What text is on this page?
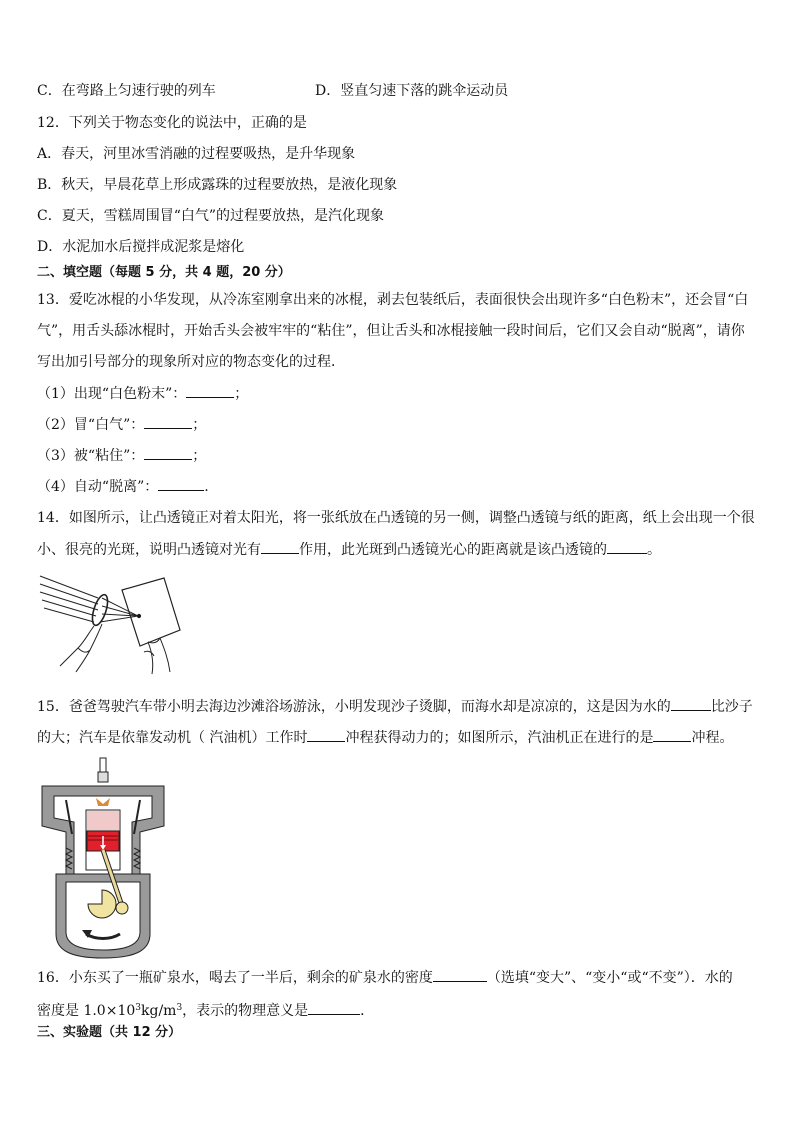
C．在弯路上匀速行驶的列车	D．竖直匀速下落的跳伞运动员
12．下列关于物态变化的说法中，正确的是
A．春天，河里冰雪消融的过程要吸热，是升华现象
B．秋天，早晨花草上形成露珠的过程要放热，是液化现象
C．夏天，雪糕周围冒“白气”的过程要放热，是汽化现象
D．水泥加水后搅拌成泥浆是熔化
二、填空题（每题 5 分，共 4 题，20 分）
13．爱吃冰棍的小华发现，从冷冻室刚拿出来的冰棍，剥去包装纸后，表面很快会出现许多“白色粉末”，还会冒“白
气”，用舌头舔冰棍时，开始舌头会被牢牢的“粘住”，但让舌头和冰棍接触一段时间后，它们又会自动“脱离”，请你
写出加引号部分的现象所对应的物态变化的过程．
（1）出现“白色粉末”：	；
（2）冒“白气”：	；
（3）被“粘住”：	；
（4）自动“脱离”：	.
14．如图所示，让凸透镜正对着太阳光，将一张纸放在凸透镜的另一侧，调整凸透镜与纸的距离，纸上会出现一个很
小、很亮的光斑，说明凸透镜对光有	作用，此光斑到凸透镜光心的距离就是该凸透镜的	。
15．爸爸驾驶汽车带小明去海边沙滩浴场游泳，小明发现沙子烫脚，而海水却是凉凉的，这是因为水的	比沙子
的大；汽车是依靠发动机（ 汽油机）工作时	冲程获得动力的；如图所示，汽油机正在进行的是	冲程。
16．小东买了一瓶矿泉水，喝去了一半后，剩余的矿泉水的密度	（选填“变大”、“变小“或“不变”）．水的
密度是 $1.0\times 10^3kg/m^3$，表示的物理意义是	．
三、实验题（共 12 分）
